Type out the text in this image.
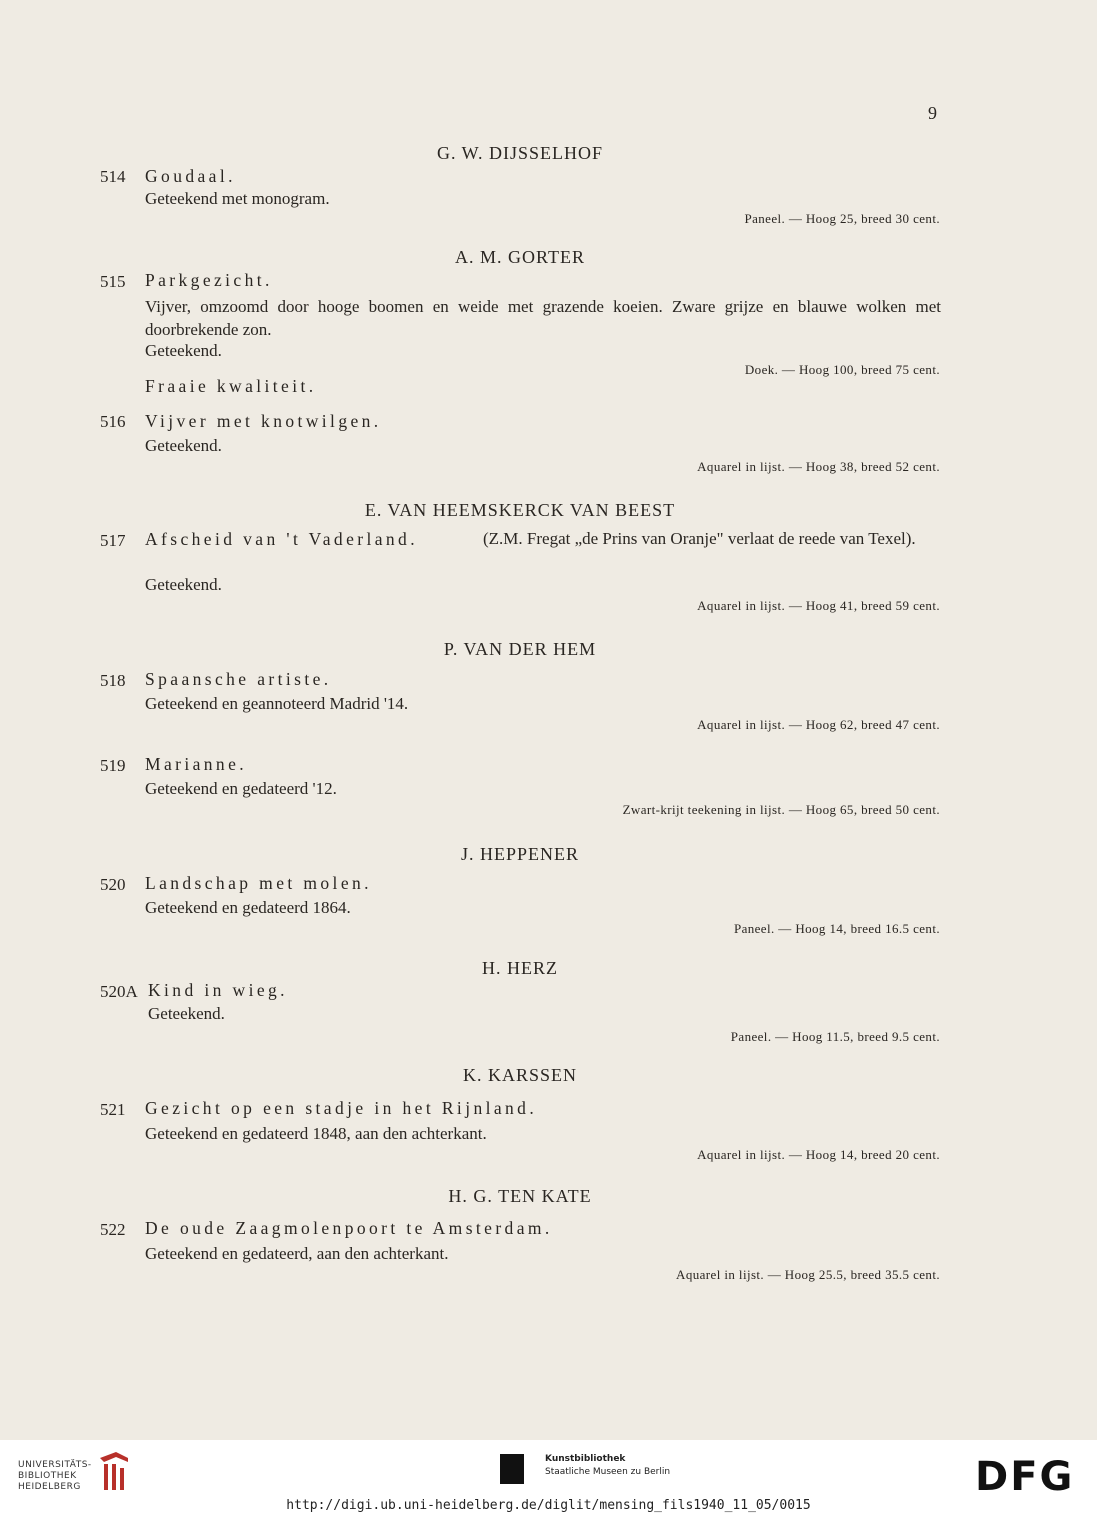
9
G. W. DIJSSELHOF
514 Goudaal.
Geteekend met monogram.
Paneel. — Hoog 25, breed 30 cent.
A. M. GORTER
515 Parkgezicht.
Vijver, omzoomd door hooge boomen en weide met grazende koeien. Zware grijze en blauwe wolken met doorbrekende zon.
Geteekend.
Doek. — Hoog 100, breed 75 cent.
Fraaie kwaliteit.
516 Vijver met knotwilgen.
Geteekend.
Aquarel in lijst. — Hoog 38, breed 52 cent.
E. VAN HEEMSKERCK VAN BEEST
517 Afscheid van 't Vaderland.	(Z.M. Fregat „de Prins van Oranje" verlaat de reede van Texel).
Geteekend.
Aquarel in lijst. — Hoog 41, breed 59 cent.
P. VAN DER HEM
518 Spaansche artiste.
Geteekend en geannoteerd Madrid '14.
Aquarel in lijst. — Hoog 62, breed 47 cent.
519 Marianne.
Geteekend en gedateerd '12.
Zwart-krijt teekening in lijst. — Hoog 65, breed 50 cent.
J. HEPPENER
520 Landschap met molen.
Geteekend en gedateerd 1864.
Paneel. — Hoog 14, breed 16.5 cent.
H. HERZ
520A Kind in wieg.
Geteekend.
Paneel. — Hoog 11.5, breed 9.5 cent.
K. KARSSEN
521 Gezicht op een stadje in het Rijnland.
Geteekend en gedateerd 1848, aan den achterkant.
Aquarel in lijst. — Hoog 14, breed 20 cent.
H. G. TEN KATE
522 De oude Zaagmolenpoort te Amsterdam.
Geteekend en gedateerd, aan den achterkant.
Aquarel in lijst. — Hoog 25.5, breed 35.5 cent.
UNIVERSITÄTS-
BIBLIOTHEK
HEIDELBERG
Kunstbibliothek
Staatliche Museen zu Berlin	DFG
http://digi.ub.uni-heidelberg.de/diglit/mensing_fils1940_11_05/0015
